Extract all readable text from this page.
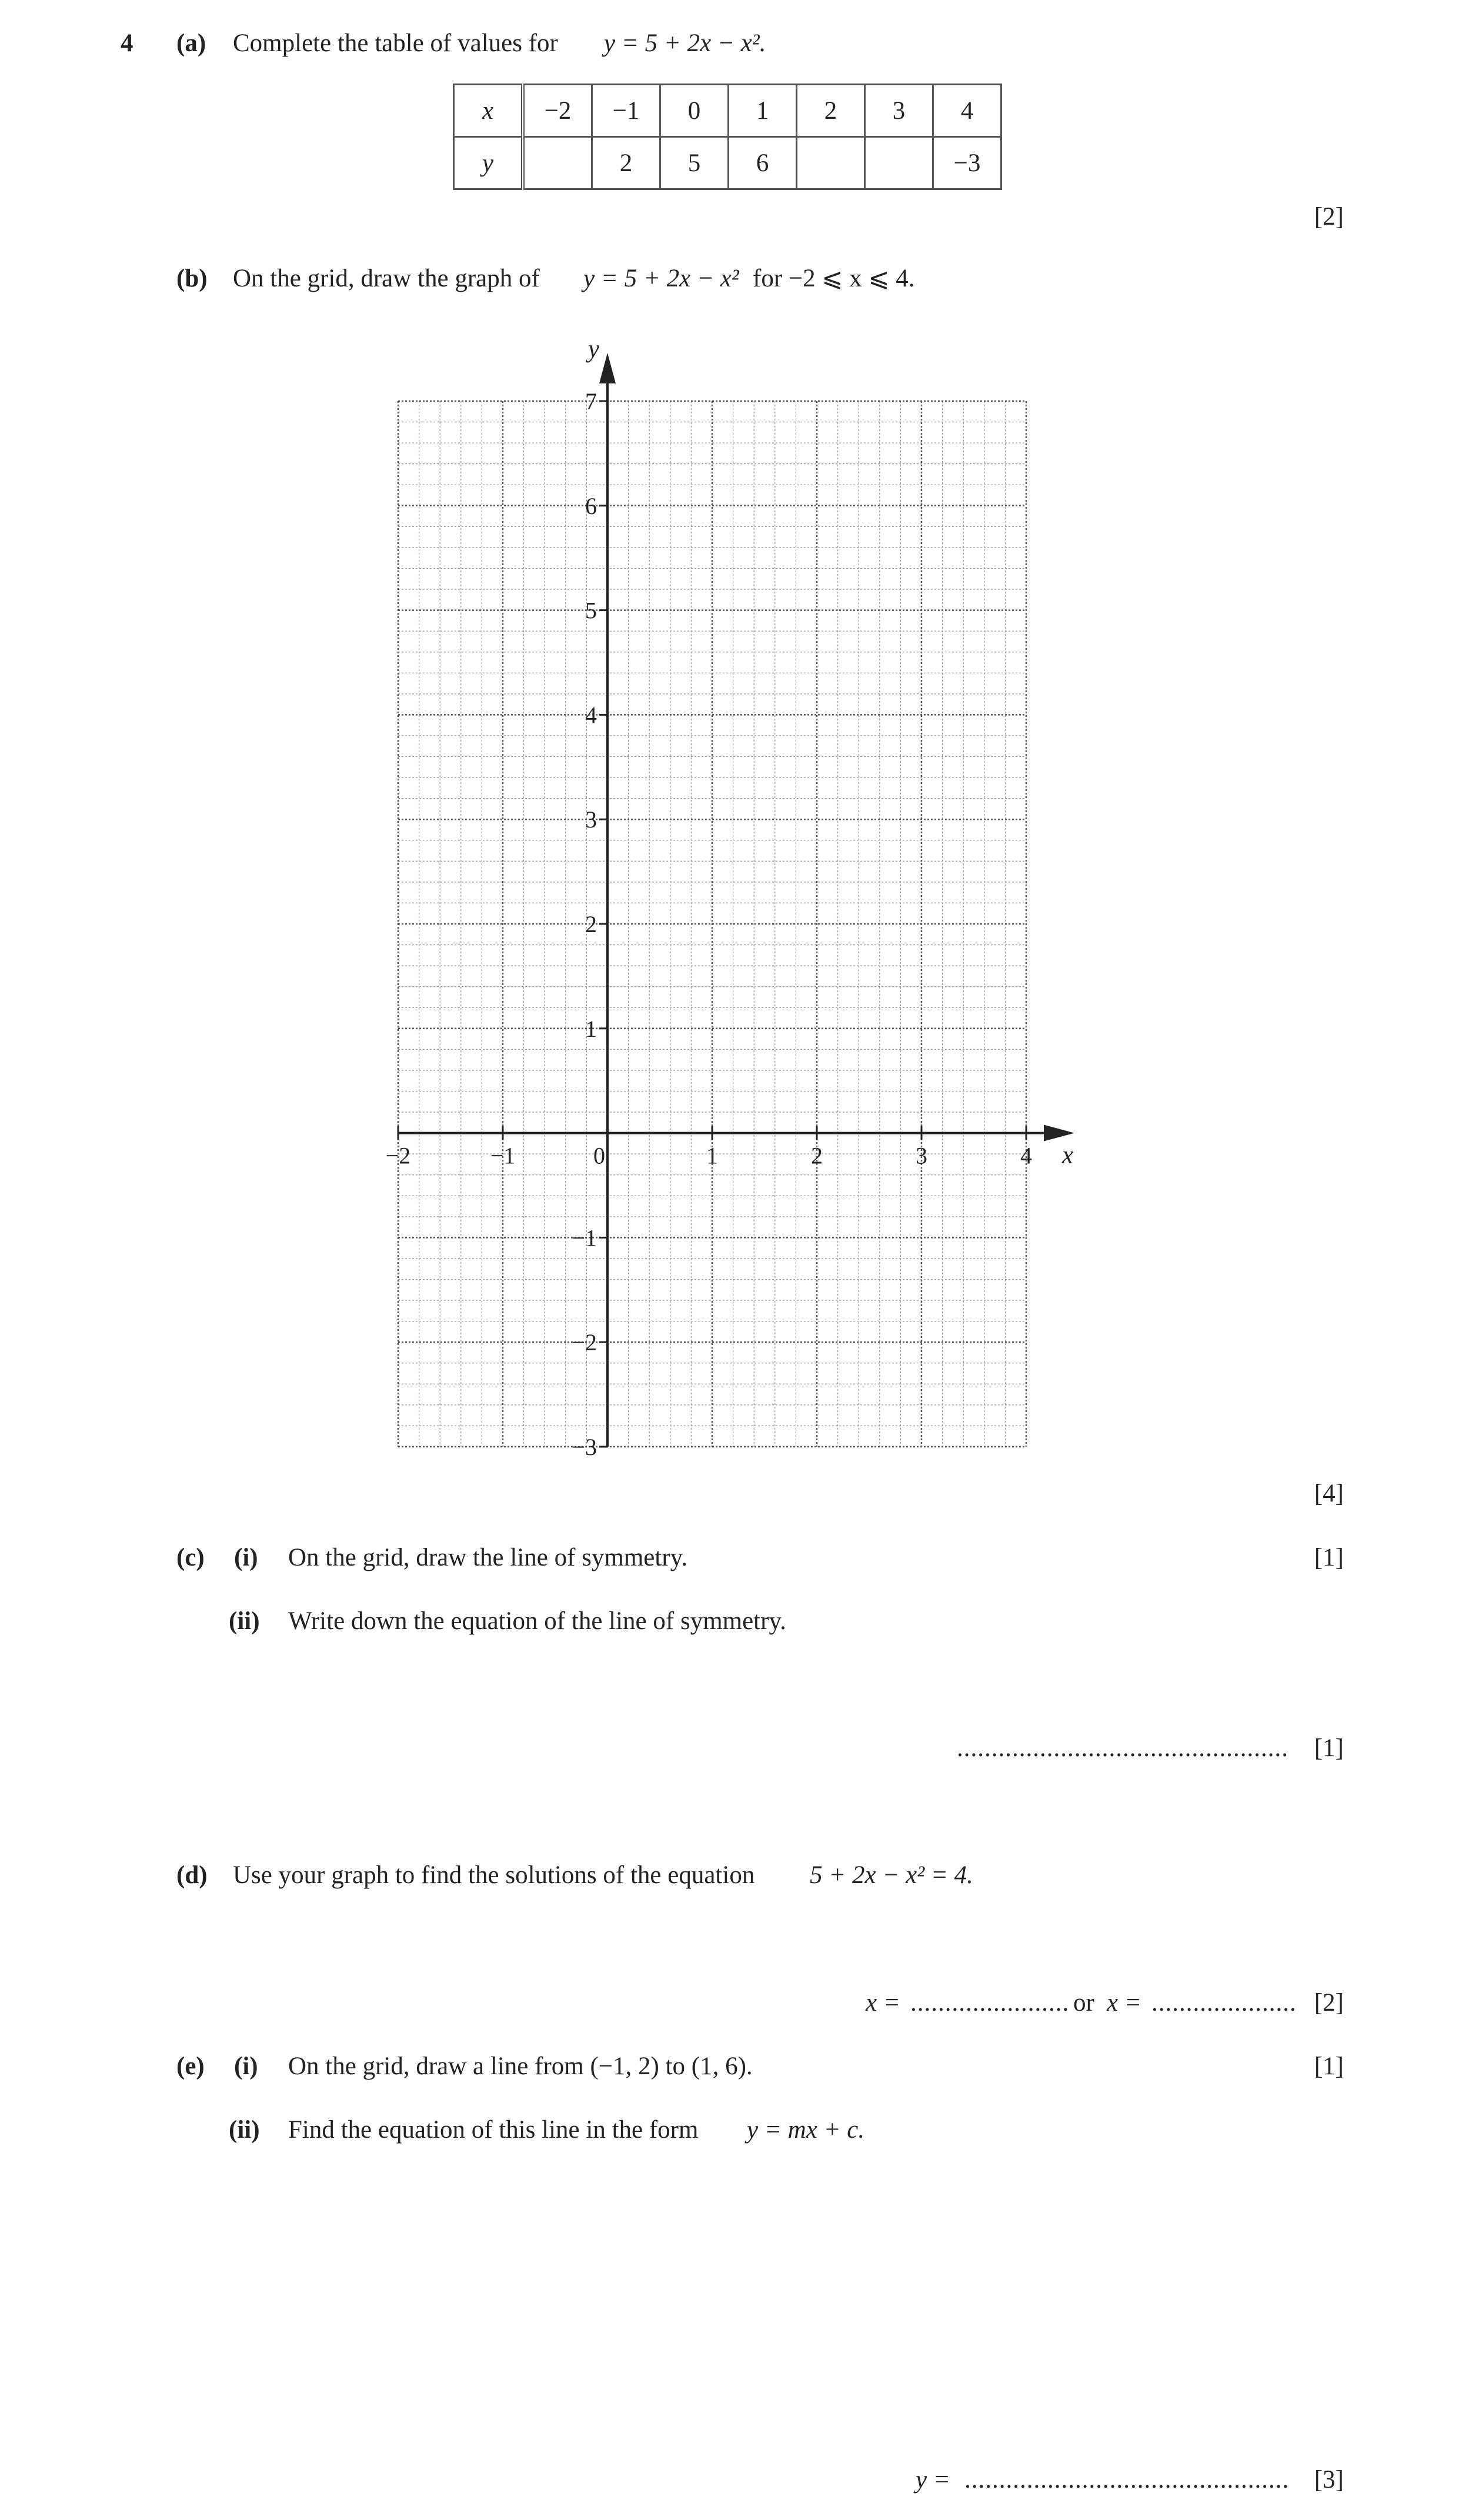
4 (a) Complete the table of values for y = 5 + 2x − x².
x	−2	−1	0	1	2	3	4
y		2	5	6			−3
[2]
(b) On the grid, draw the graph of y = 5 + 2x − x² for −2 ⩽ x ⩽ 4.
−2	−1	0	1	2	3	4
−3
−2
−1
1
2
3
4
5
6
7
y
x
[4]
(c) (i) On the grid, draw the line of symmetry.	[1]
(ii) Write down the equation of the line of symmetry.
................................................	[1]
(d) Use your graph to find the solutions of the equation 5 + 2x − x² = 4.
x = ....................... or x = ..................... [2]
(e) (i) On the grid, draw a line from (−1, 2) to (1, 6).	[1]
(ii) Find the equation of this line in the form y = mx + c.
y = ............................................... [3]
